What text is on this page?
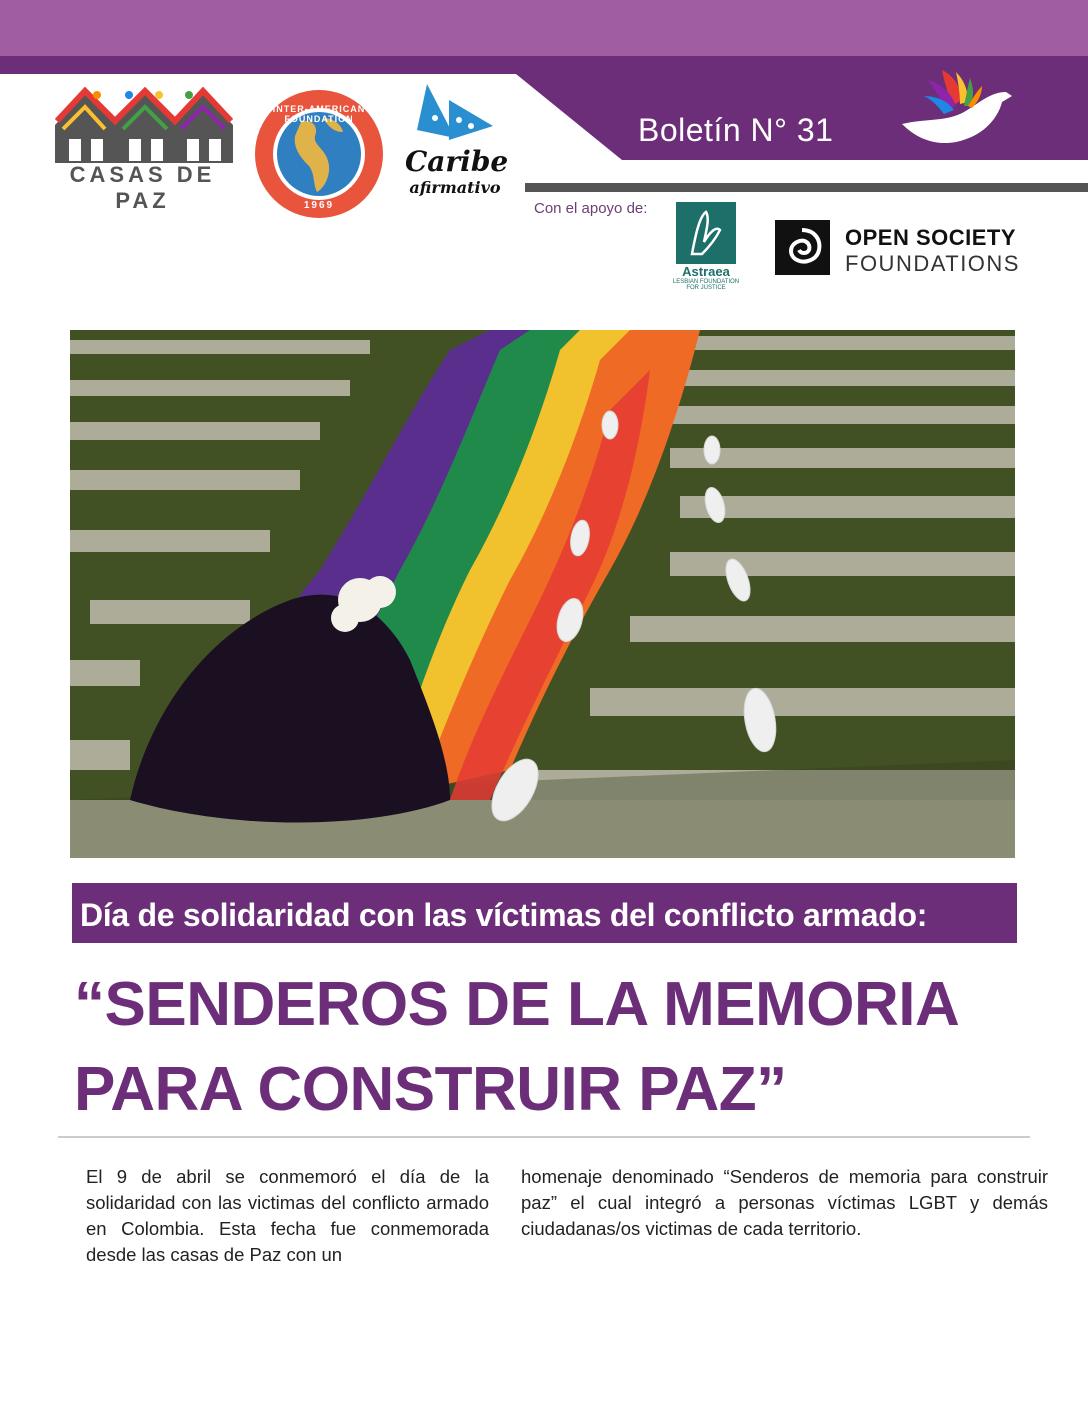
Boletín N° 31
CASAS DE PAZ
INTER-AMERICAN FOUNDATION
1969
Caribe
afirmativo
Con el apoyo de:
Astraea
LESBIAN FOUNDATION FOR JUSTICE
OPEN SOCIETY
FOUNDATIONS
Día de solidaridad con las víctimas del conflicto armado:
“SENDEROS DE LA MEMORIA
PARA CONSTRUIR PAZ”
El 9 de abril se conmemoró el día de la solidaridad con las victimas del conflicto armado en Colombia. Esta fecha fue conmemorada desde las casas de Paz con un
homenaje denominado “Senderos de memoria para construir paz” el cual integró a personas víctimas LGBT y demás ciudadanas/os victimas de cada territorio.
